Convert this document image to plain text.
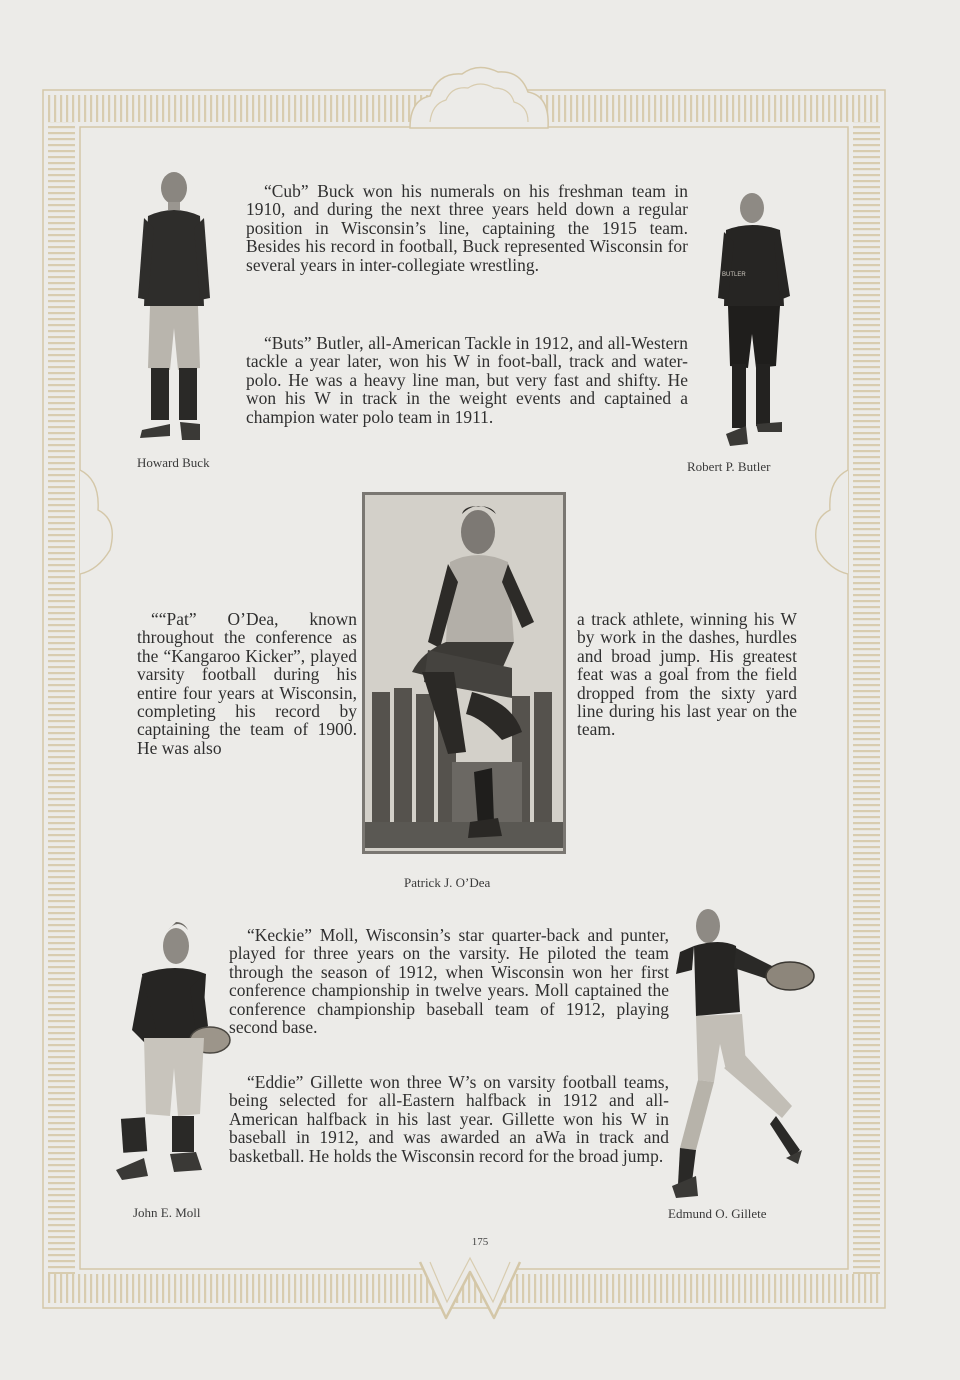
BUTLER
“Cub” Buck won his numerals on his freshman team in 1910, and during the next three years held down a regular position in Wisconsin’s line, captaining the 1915 team. Besides his record in football, Buck represented Wisconsin for several years in inter-collegiate wrestling.
“Buts” Butler, all-American Tackle in 1912, and all-Western tackle a year later, won his W in foot-ball, track and water-polo. He was a heavy line man, but very fast and shifty. He won his W in track in the weight events and captained a champion water polo team in 1911.
““Pat” O’Dea, known throughout the conference as the “Kangaroo Kicker”, played varsity football during his entire four years at Wisconsin, completing his record by captaining the team of 1900. He was also
a track athlete, winning his W by work in the dashes, hurdles and broad jump. His greatest feat was a goal from the field dropped from the sixty yard line during his last year on the team.
“Keckie” Moll, Wisconsin’s star quarter-back and punter, played for three years on the varsity. He piloted the team through the season of 1912, when Wisconsin won her first conference championship in twelve years. Moll captained the conference championship baseball team of 1912, playing second base.
“Eddie” Gillette won three W’s on varsity football teams, being selected for all-Eastern halfback in 1912 and all-American halfback in his last year. Gillette won his W in baseball in 1912, and was awarded an aWa in track and basketball. He holds the Wisconsin record for the broad jump.
Howard Buck	Robert P. Butler
Patrick J. O’Dea
John E. Moll	Edmund O. Gillete
175
